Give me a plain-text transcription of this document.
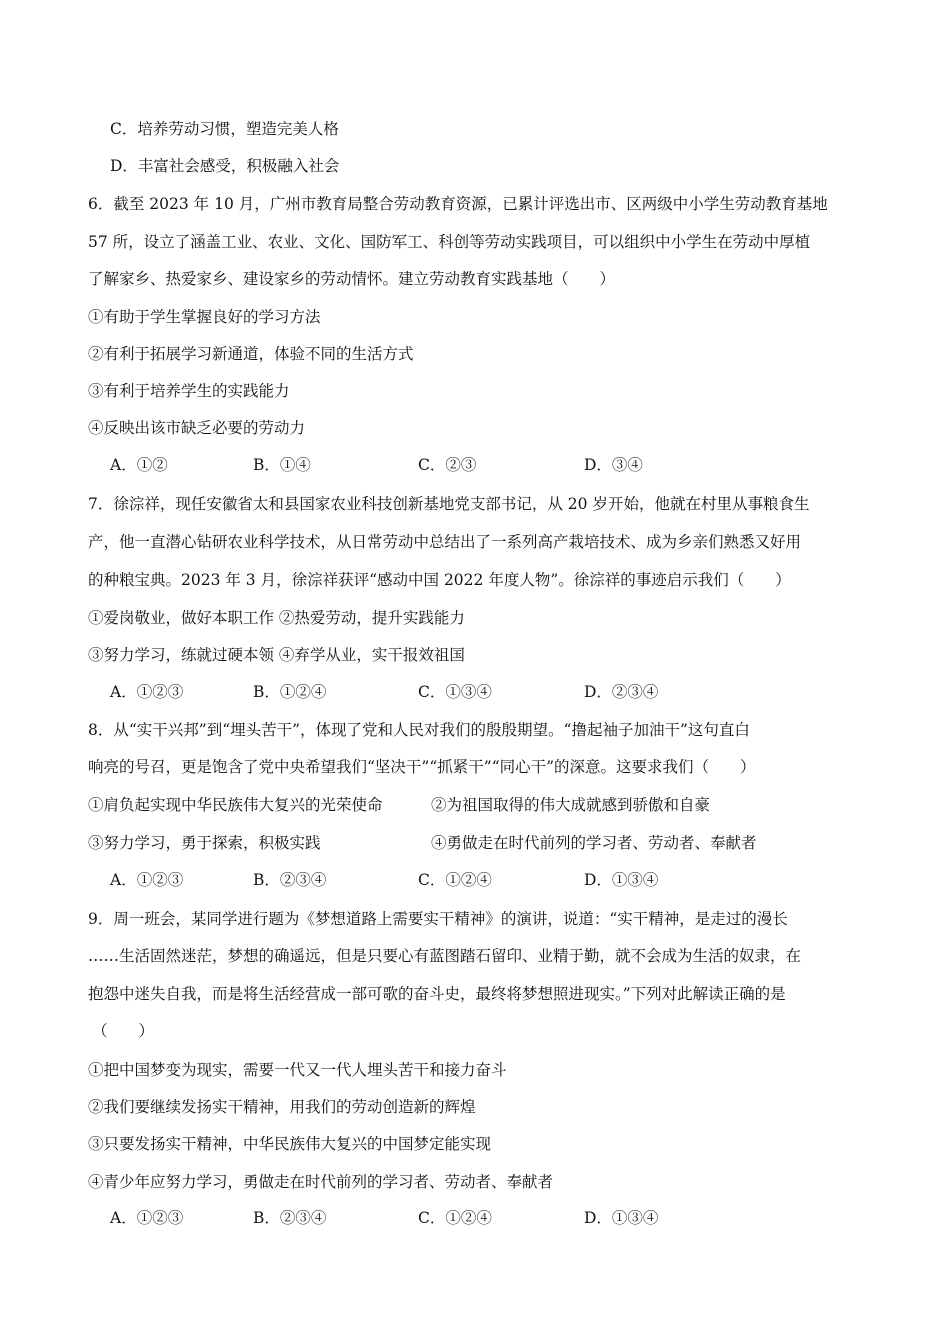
C．培养劳动习惯，塑造完美人格
D．丰富社会感受，积极融入社会
6．截至 2023 年 10 月，广州市教育局整合劳动教育资源，已累计评选出市、区两级中小学生劳动教育基地
57 所，设立了涵盖工业、农业、文化、国防军工、科创等劳动实践项目，可以组织中小学生在劳动中厚植
了解家乡、热爱家乡、建设家乡的劳动情怀。建立劳动教育实践基地（　　）
①有助于学生掌握良好的学习方法
②有利于拓展学习新通道，体验不同的生活方式
③有利于培养学生的实践能力
④反映出该市缺乏必要的劳动力
A．①②	B．①④	C．②③	D．③④
7．徐淙祥，现任安徽省太和县国家农业科技创新基地党支部书记，从 20 岁开始，他就在村里从事粮食生
产，他一直潜心钻研农业科学技术，从日常劳动中总结出了一系列高产栽培技术、成为乡亲们熟悉又好用
的种粮宝典。2023 年 3 月，徐淙祥获评“感动中国 2022 年度人物”。徐淙祥的事迹启示我们（　　）
①爱岗敬业，做好本职工作 ②热爱劳动，提升实践能力
③努力学习，练就过硬本领 ④弃学从业，实干报效祖国
A．①②③	B．①②④	C．①③④	D．②③④
8．从“实干兴邦”到“埋头苦干”，体现了党和人民对我们的殷殷期望。“撸起袖子加油干”这句直白
响亮的号召，更是饱含了党中央希望我们“坚决干”“抓紧干”“同心干”的深意。这要求我们（　　）
①肩负起实现中华民族伟大复兴的光荣使命	②为祖国取得的伟大成就感到骄傲和自豪
③努力学习，勇于探索，积极实践	④勇做走在时代前列的学习者、劳动者、奉献者
A．①②③	B．②③④	C．①②④	D．①③④
9．周一班会，某同学进行题为《梦想道路上需要实干精神》的演讲，说道：“实干精神，是走过的漫长
……生活固然迷茫，梦想的确遥远，但是只要心有蓝图踏石留印、业精于勤，就不会成为生活的奴隶，在
抱怨中迷失自我，而是将生活经营成一部可歌的奋斗史，最终将梦想照进现实。”下列对此解读正确的是
（　　）
①把中国梦变为现实，需要一代又一代人埋头苦干和接力奋斗
②我们要继续发扬实干精神，用我们的劳动创造新的辉煌
③只要发扬实干精神，中华民族伟大复兴的中国梦定能实现
④青少年应努力学习，勇做走在时代前列的学习者、劳动者、奉献者
A．①②③	B．②③④	C．①②④	D．①③④
